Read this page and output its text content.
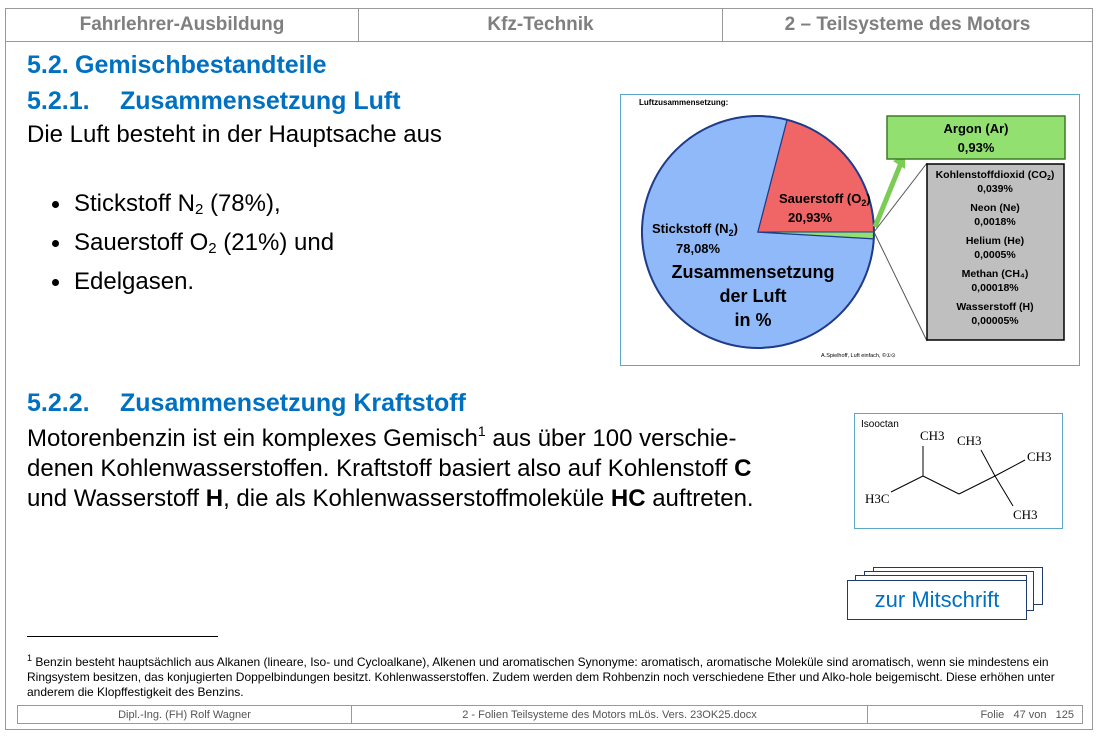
Fahrlehrer-Ausbildung	Kfz-Technik	2 – Teilsysteme des Motors
5.2. Gemischbestandteile
5.2.1. Zusammensetzung Luft
Die Luft besteht in der Hauptsache aus
Stickstoff $N_2$ (78%),
Sauerstoff $O_2$ (21%) und
Edelgasen.
Luftzusammensetzung:
Sauerstoff $(O_2)$
20,93%
Stickstoff $(N_2)$
78,08%
Zusammensetzung
der Luft
in %
Argon (Ar)
0,93%
Kohlenstoffdioxid (CO2)
0,039%
Neon (Ne)
0,0018%
Helium (He)
0,0005%
Methan (CH₄)
0,00018%
Wasserstoff (H)
0,00005%
A.Spielhoff, Luft einfach, ©①⊙
5.2.2. Zusammensetzung Kraftstoff
Motorenbenzin ist ein komplexes Gemisch$^1$ aus über 100 verschie-
denen Kohlenwasserstoffen. Kraftstoff basiert also auf Kohlenstoff C
und Wasserstoff H, die als Kohlenwasserstoffmoleküle HC auftreten.
Isooctan
CH3 CH3
CH3
H3C
CH3
zur Mitschrift
$^1$ Benzin besteht hauptsächlich aus Alkanen (lineare, Iso- und Cycloalkane), Alkenen und aromatischen Synonyme: aromatisch, aromatische Moleküle sind aromatisch, wenn sie mindestens ein Ringsystem besitzen, das konjugierten Doppelbindungen besitzt. Kohlenwasserstoffen. Zudem werden dem Rohbenzin noch verschiedene Ether und Alko-hole beigemischt. Diese erhöhen unter anderem die Klopffestigkeit des Benzins.
Dipl.-Ing. (FH) Rolf Wagner	2 - Folien Teilsysteme des Motors mLös. Vers. 23OK25.docx	Folie   47 von   125
